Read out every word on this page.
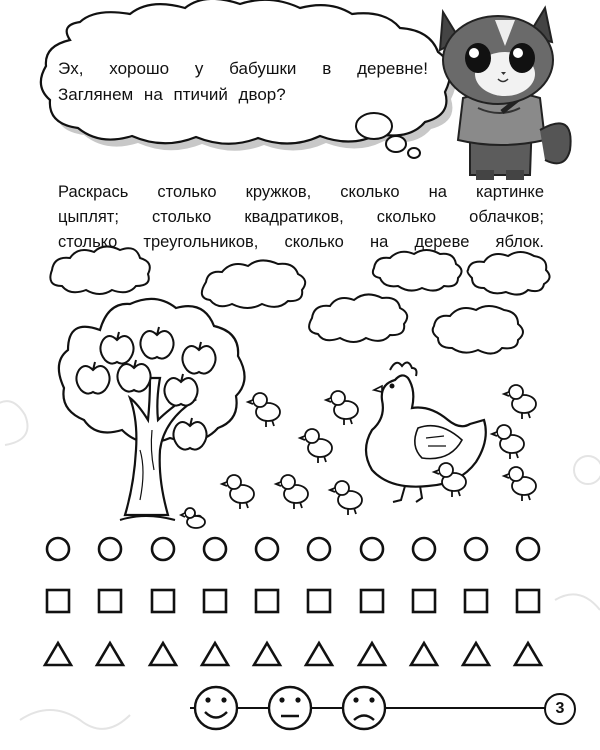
Эх, хорошо у бабушки в деревне!
Заглянем на птичий двор?
Раскрась столько кружков, сколько на картинке
цыплят; столько квадратиков, сколько облачков;
столько треугольников, сколько на дереве яблок.
3
